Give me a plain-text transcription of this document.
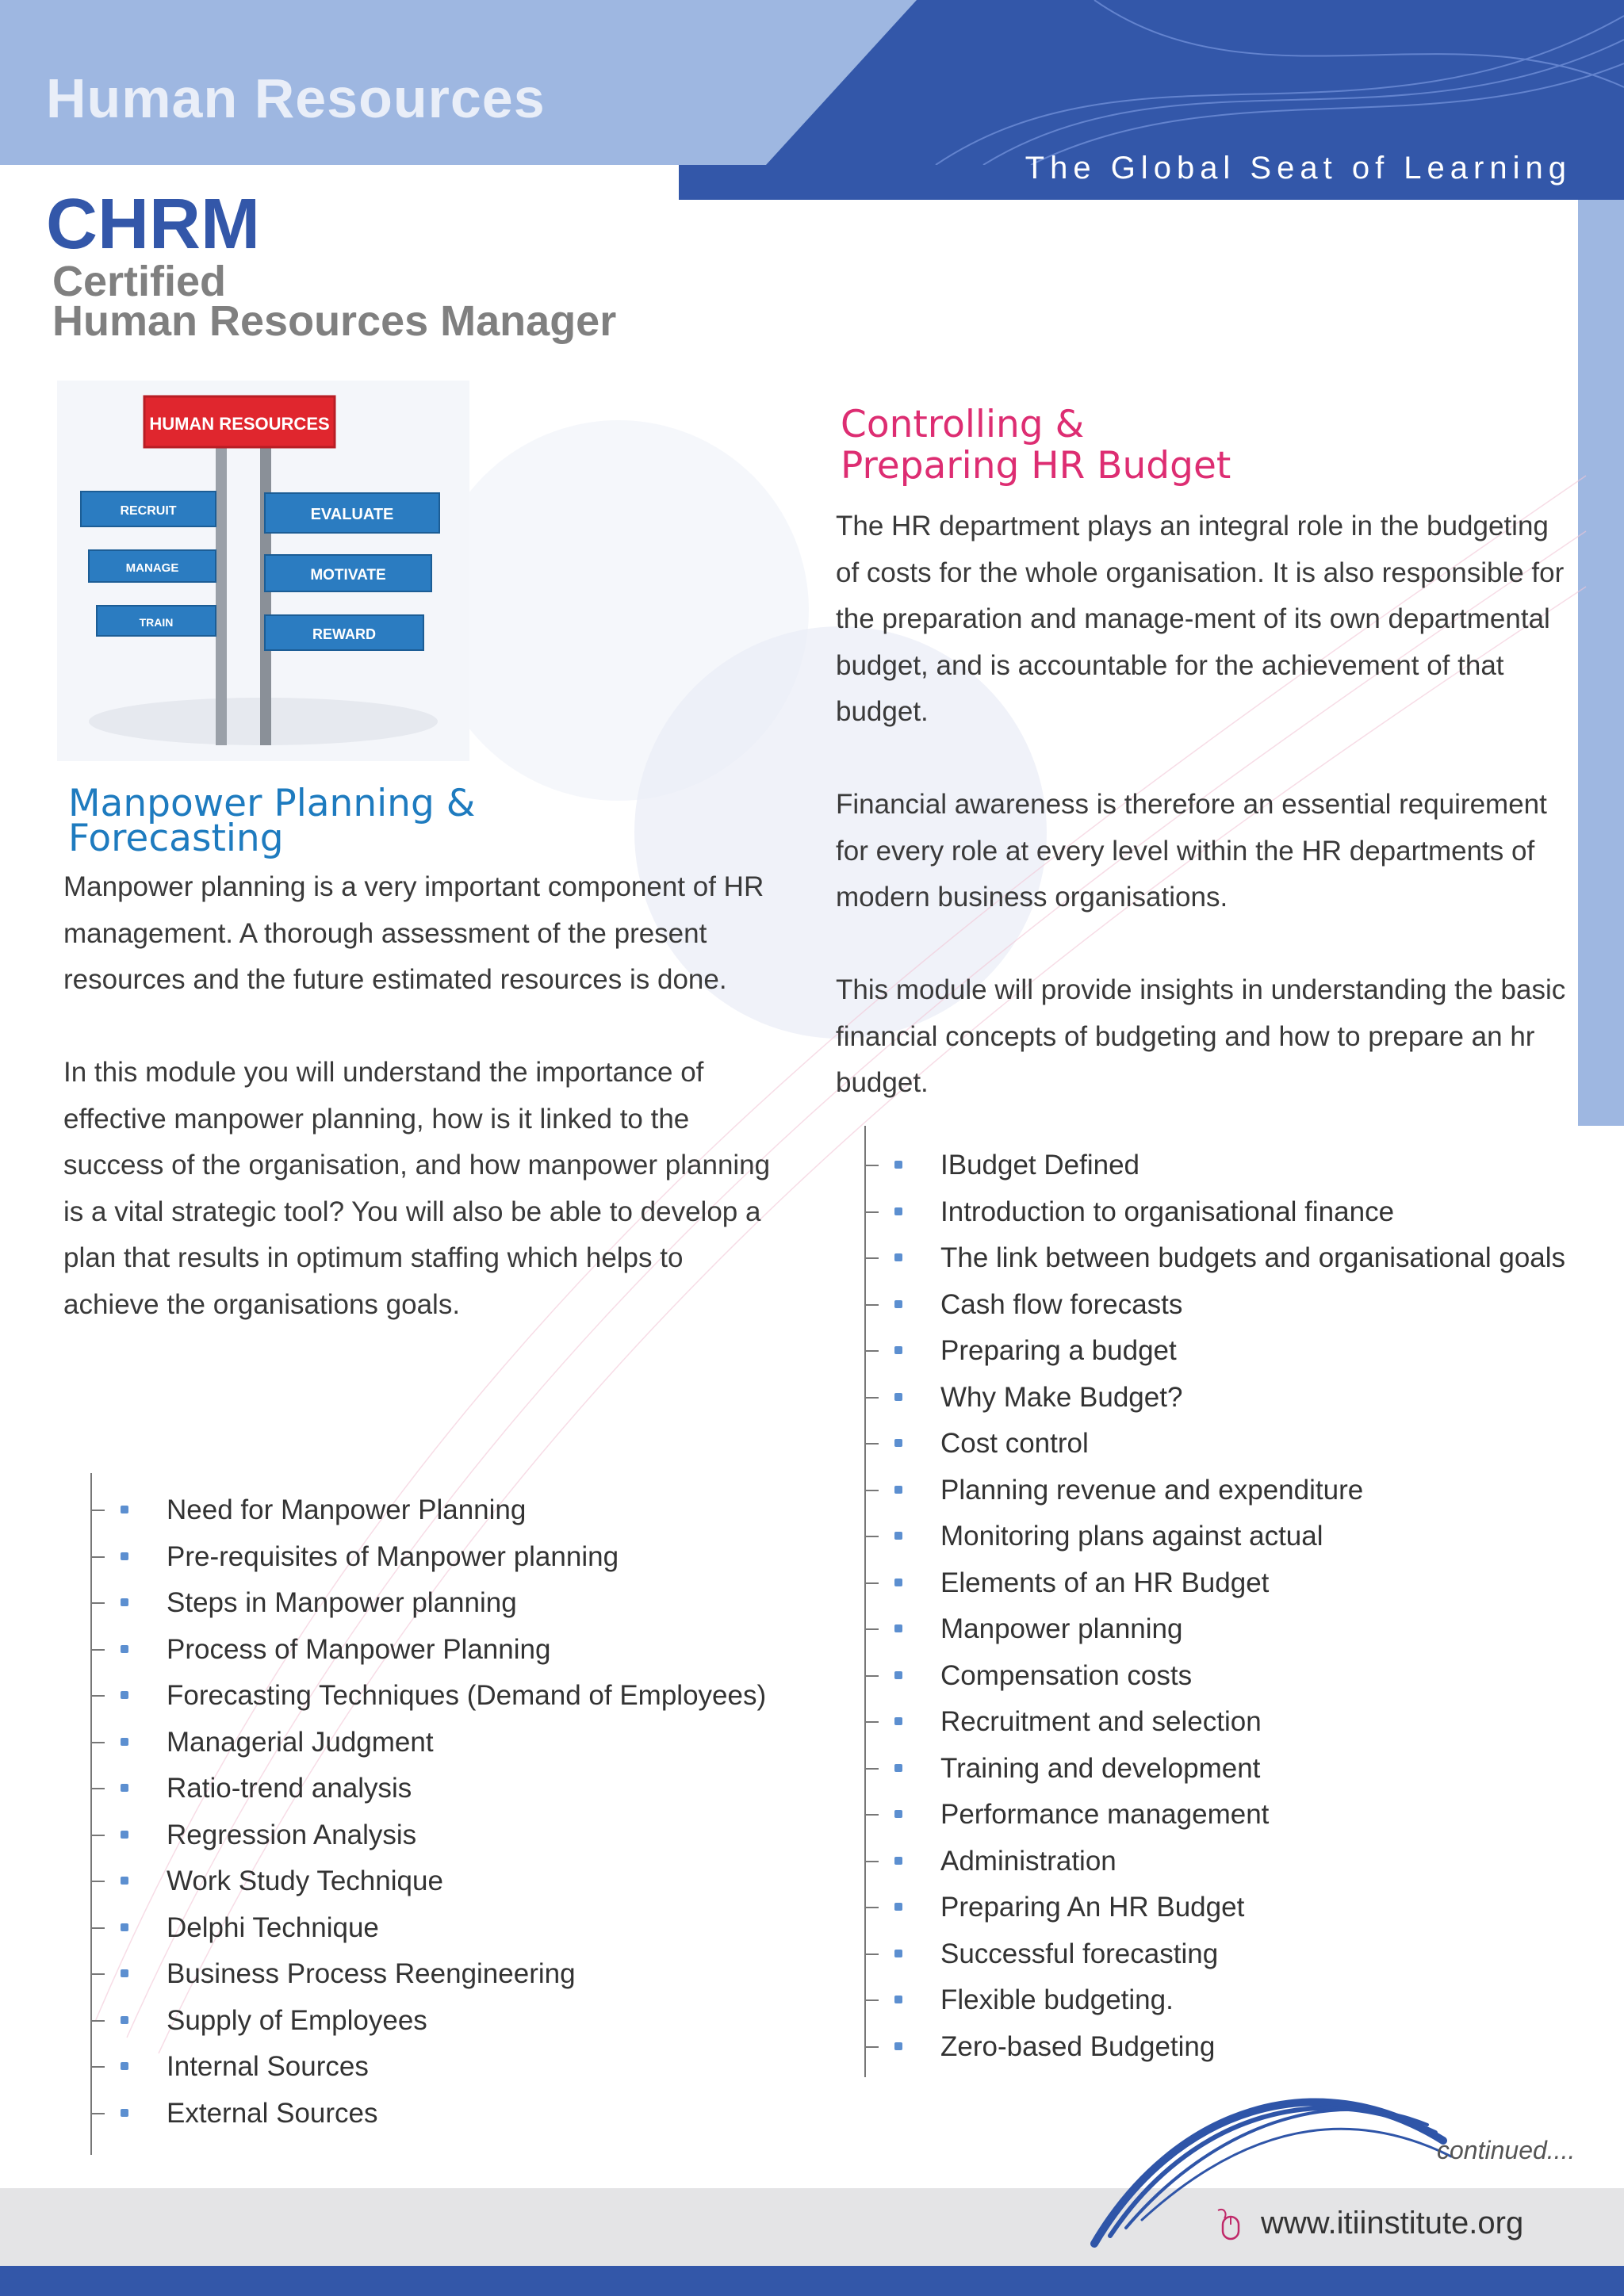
Human Resources
The Global Seat of Learning
CHRM
Certified
Human Resources Manager
HUMAN RESOURCES
RECRUIT
MANAGE
TRAIN
EVALUATE
MOTIVATE
REWARD
Manpower Planning &
Forecasting

Manpower planning is a very important component of HR management. A thorough assessment of the present resources and the future estimated resources is done.

In this module you will understand the importance of effective manpower planning, how is it linked to the success of the organisation, and how manpower planning is a vital strategic tool? You will also be able to develop a plan that results in optimum staffing which helps to achieve the organisations goals.

Need for Manpower Planning
Pre-requisites of Manpower planning
Steps in Manpower planning
Process of Manpower Planning
Forecasting Techniques (Demand of Employees)
Managerial Judgment
Ratio-trend analysis
Regression Analysis
Work Study Technique
Delphi Technique
Business Process Reengineering
Supply of Employees
Internal Sources
External Sources
Controlling &
Preparing HR Budget

The HR department plays an integral role in the budgeting of costs for the whole organisation. It is also responsible for the preparation and manage-ment of its own departmental budget, and is accountable for the achievement of that budget.

Financial awareness is therefore an essential requirement for every role at every level within the HR departments of modern business organisations.

This module will provide insights in understanding the basic financial concepts of budgeting and how to prepare an hr budget.

IBudget Defined
Introduction to organisational finance
The link between budgets and organisational goals
Cash flow forecasts
Preparing a budget
Why Make Budget?
Cost control
Planning revenue and expenditure
Monitoring plans against actual
Elements of an HR Budget
Manpower planning
Compensation costs
Recruitment and selection
Training and development
Performance management
Administration
Preparing An HR Budget
Successful forecasting
Flexible budgeting.
Zero-based Budgeting
continued....
www.itiinstitute.org
